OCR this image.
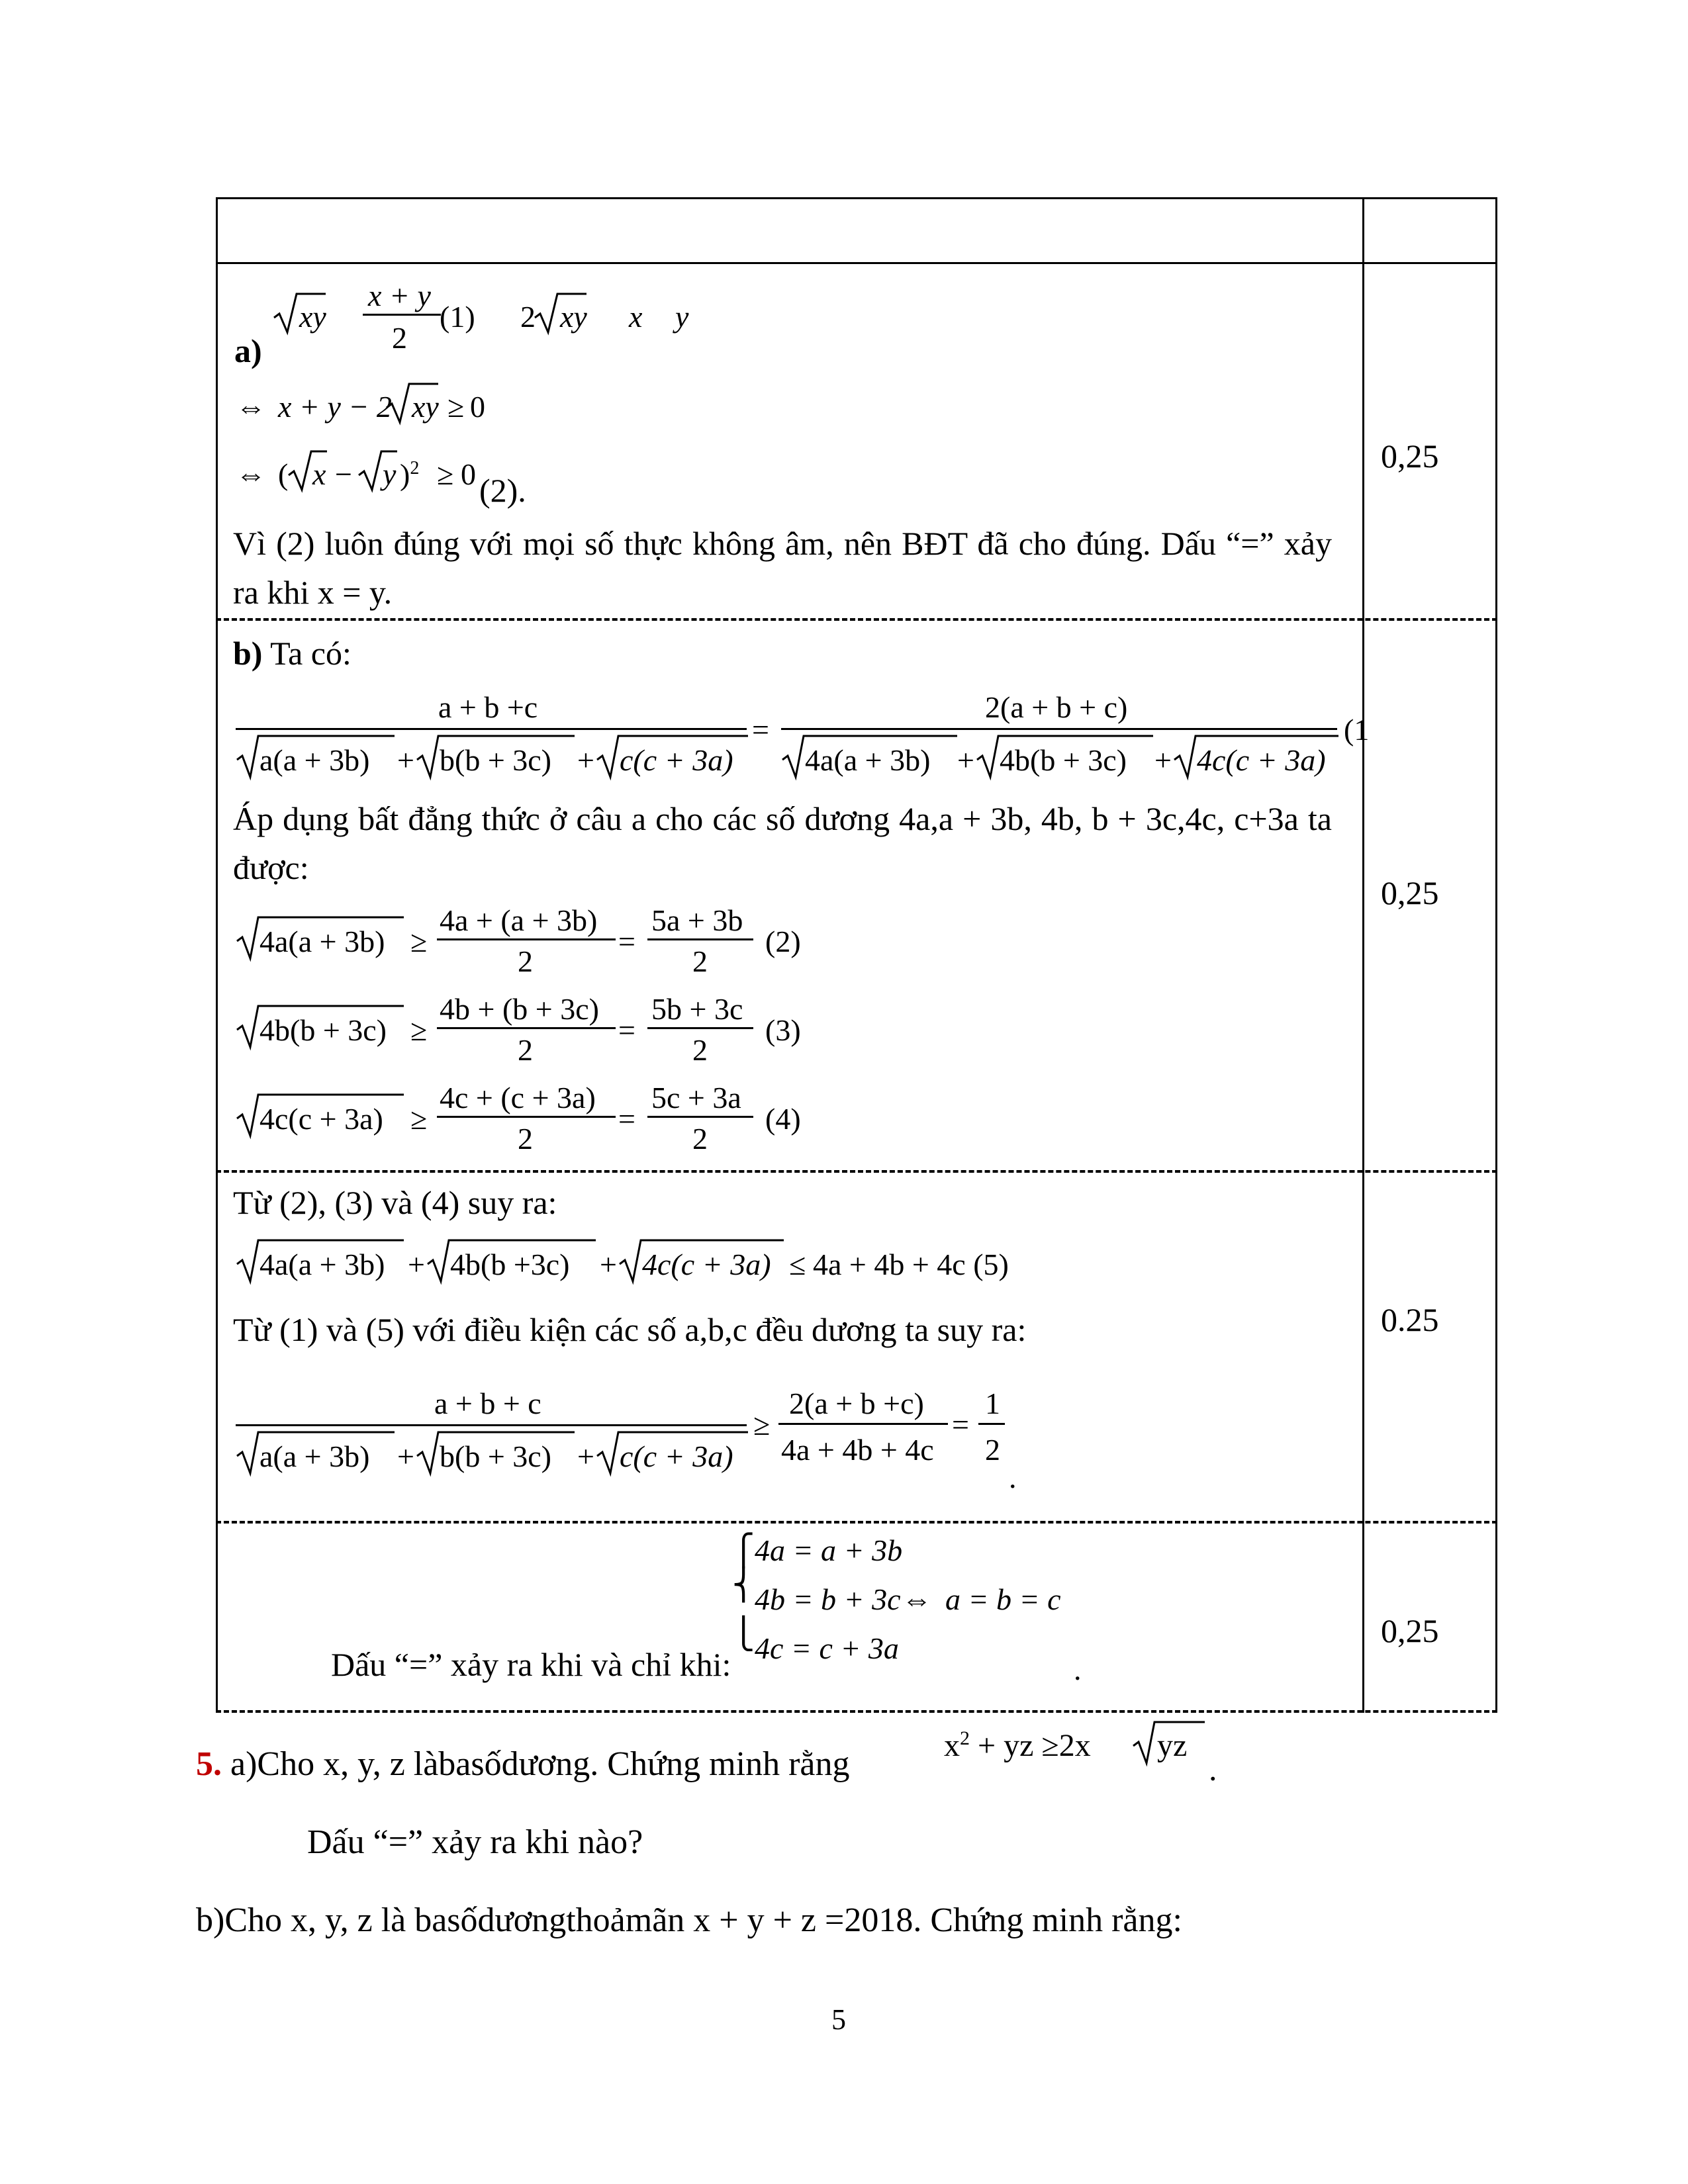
0,25
0,25
0.25
0,25
a)
xy
x + y
2
(1) 2 xy x y
⇔ x + y − 2 xy ≥ 0
⇔ ( x − y )$^2$ ≥ 0 (2).
Vì (2) luôn đúng với mọi số thực không âm, nên BĐT đã cho đúng. Dấu “=” xảy ra khi x = y.
b) Ta có:
a + b +c
a(a + 3b) + b(b + 3c) + c(c + 3a)
=
2(a + b + c)
4a(a + 3b) + 4b(b + 3c) + 4c(c + 3a)
(1
Áp dụng bất đẳng thức ở câu a cho các số dương 4a,a + 3b, 4b, b + 3c,4c, c+3a ta được:
4a(a + 3b) ≥
4a + (a + 3b)
2
=
5a + 3b
2
(2)
4b(b + 3c) ≥
4b + (b + 3c)
2
=
5b + 3c
2
(3)
4c(c + 3a) ≥
4c + (c + 3a)
2
=
5c + 3a
2
(4)
Từ (2), (3) và (4) suy ra:
4a(a + 3b) + 4b(b +3c) + 4c(c + 3a) ≤ 4a + 4b + 4c (5)
Từ (1) và (5) với điều kiện các số a,b,c đều dương ta suy ra:
a + b + c
a(a + 3b) + b(b + 3c) + c(c + 3a)
≥
2(a + b +c)
4a + 4b + 4c
=
1
2
.
⎧
⎨
⎩
4a = a + 3b
4b = b + 3c
4c = c + 3a
⇔ a = b = c
Dấu “=” xảy ra khi và chỉ khi:	.
5. a)Cho x, y, z làbasốdương. Chứng minh rằng	$x^2$ + yz ≥2x yz
.
Dấu “=” xảy ra khi nào?
b)Cho x, y, z là basốdươngthoảmãn x + y + z =2018. Chứng minh rằng:
5
